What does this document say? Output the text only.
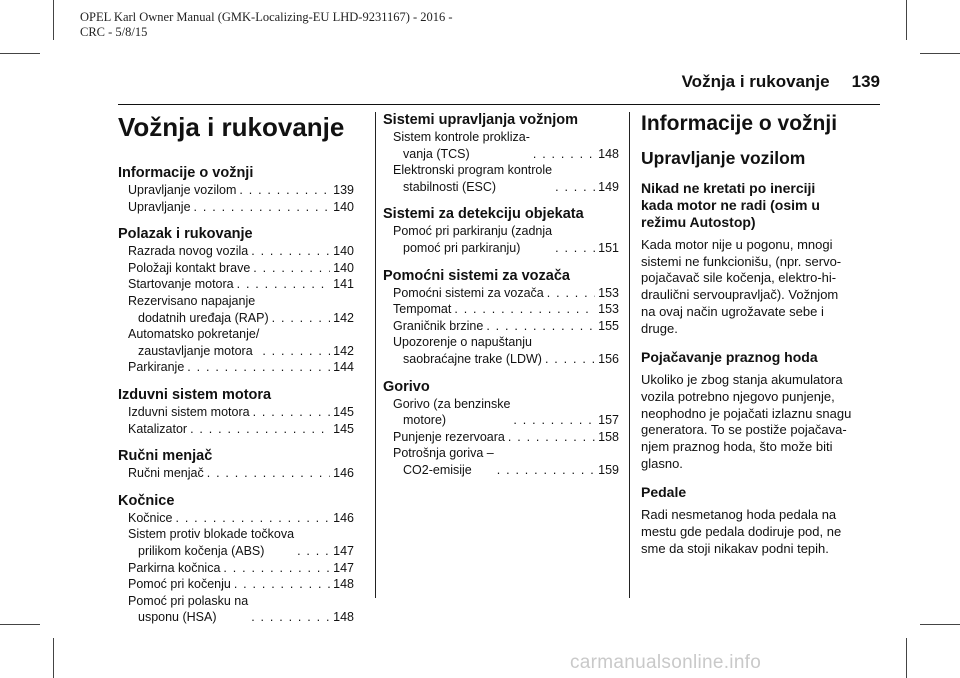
OPEL Karl Owner Manual (GMK-Localizing-EU LHD-9231167) - 2016 -
CRC - 5/8/15
Vožnja i rukovanje 139
Vožnja i rukovanje
Informacije o vožnji
Upravljanje vozilom . . .	139
Upravljanje . . .	140
Polazak i rukovanje
Razrada novog vozila . . .	140
Položaji kontakt brave . . .	140
Startovanje motora . . .	141
Rezervisano napajanje
dodatnih uređaja (RAP) . . .	142
Automatsko pokretanje/
zaustavljanje motora . . .	142
Parkiranje . . .	144
Izduvni sistem motora
Izduvni sistem motora . . .	145
Katalizator . . .	145
Ručni menjač
Ručni menjač . . .	146
Kočnice
Kočnice . . .	146
Sistem protiv blokade točkova
prilikom kočenja (ABS) . . .	147
Parkirna kočnica . . .	147
Pomoć pri kočenju . . .	148
Pomoć pri polasku na
usponu (HSA) . . .	148
Sistemi upravljanja vožnjom
Sistem kontrole prokliza-
vanja (TCS) . . .	148
Elektronski program kontrole
stabilnosti (ESC) . . .	149
Sistemi za detekciju objekata
Pomoć pri parkiranju (zadnja
pomoć pri parkiranju) . . .	151
Pomoćni sistemi za vozača
Pomoćni sistemi za vozača . . .	153
Tempomat . . .	153
Graničnik brzine . . .	155
Upozorenje o napuštanju
saobraćajne trake (LDW) . . .	156
Gorivo
Gorivo (za benzinske
motore) . . .	157
Punjenje rezervoara . . .	158
Potrošnja goriva –
CO2-emisije . . .	159
Informacije o vožnji
Upravljanje vozilom
Nikad ne kretati po inerciji
kada motor ne radi (osim u
režimu Autostop)

Kada motor nije u pogonu, mnogi
sistemi ne funkcionišu, (npr. servo-
pojačavač sile kočenja, elektro-hi-
draulični servoupravljač). Vožnjom
na ovaj način ugrožavate sebe i
druge.

Pojačavanje praznog hoda

Ukoliko je zbog stanja akumulatora
vozila potrebno njegovo punjenje,
neophodno je pojačati izlaznu snagu
generatora. To se postiže pojačava-
njem praznog hoda, što može biti
glasno.

Pedale

Radi nesmetanog hoda pedala na
mestu gde pedala dodiruje pod, ne
sme da stoji nikakav podni tepih.

carmanualsonline.info
